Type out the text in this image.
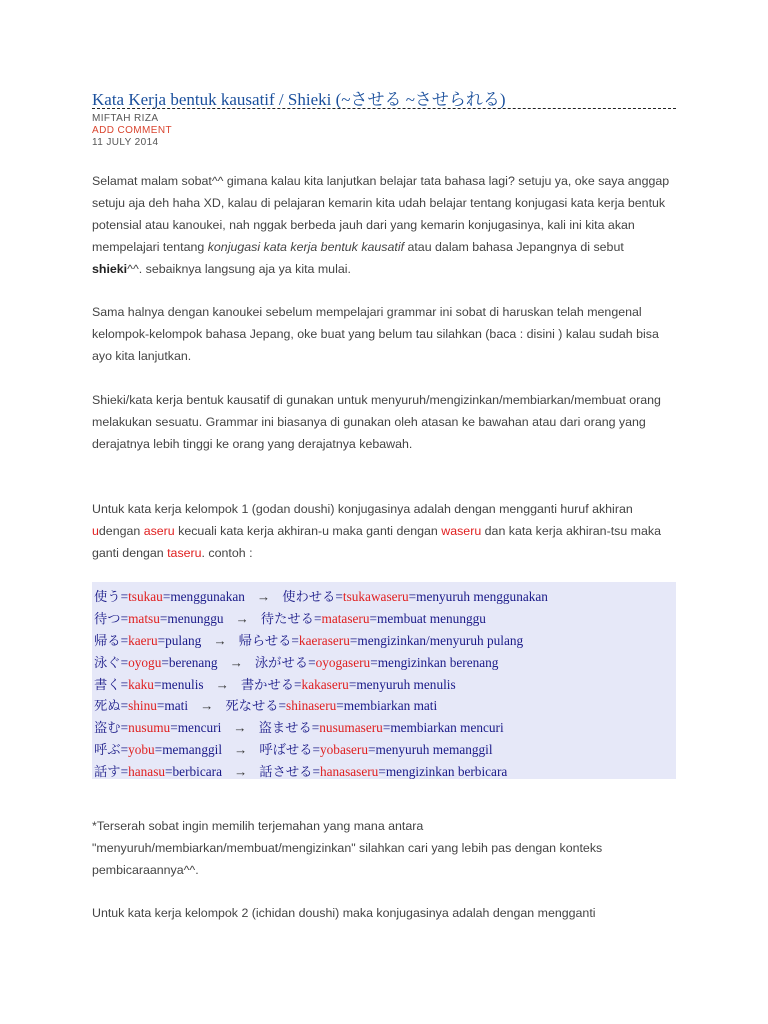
Kata Kerja bentuk kausatif / Shieki (~させる ~させられる)
MIFTAH RIZA
ADD COMMENT
11 JULY 2014

Selamat malam sobat^^ gimana kalau kita lanjutkan belajar tata bahasa lagi? setuju ya, oke saya anggap setuju aja deh haha XD, kalau di pelajaran kemarin kita udah belajar tentang konjugasi kata kerja bentuk potensial atau kanoukei, nah nggak berbeda jauh dari yang kemarin konjugasinya, kali ini kita akan mempelajari tentang konjugasi kata kerja bentuk kausatif atau dalam bahasa Jepangnya di sebut shieki^^. sebaiknya langsung aja ya kita mulai.

Sama halnya dengan kanoukei sebelum mempelajari grammar ini sobat di haruskan telah mengenal kelompok-kelompok bahasa Jepang, oke buat yang belum tau silahkan (baca : disini ) kalau sudah bisa ayo kita lanjutkan.

Shieki/kata kerja bentuk kausatif di gunakan untuk menyuruh/mengizinkan/membiarkan/membuat orang melakukan sesuatu. Grammar ini biasanya di gunakan oleh atasan ke bawahan atau dari orang yang derajatnya lebih tinggi ke orang yang derajatnya kebawah.

Untuk kata kerja kelompok 1 (godan doushi) konjugasinya adalah dengan mengganti huruf akhiran udengan aseru kecuali kata kerja akhiran-u maka ganti dengan waseru dan kata kerja akhiran-tsu maka ganti dengan taseru. contoh :

使う=tsukau=menggunakan → 使わせる=tsukawaseru=menyuruh menggunakan
待つ=matsu=menunggu → 待たせる=mataseru=membuat menunggu
帰る=kaeru=pulang → 帰らせる=kaeraseru=mengizinkan/menyuruh pulang
泳ぐ=oyogu=berenang → 泳がせる=oyogaseru=mengizinkan berenang
書く=kaku=menulis → 書かせる=kakaseru=menyuruh menulis
死ぬ=shinu=mati → 死なせる=shinaseru=membiarkan mati
盗む=nusumu=mencuri → 盗ませる=nusumaseru=membiarkan mencuri
呼ぶ=yobu=memanggil → 呼ばせる=yobaseru=menyuruh memanggil
話す=hanasu=berbicara → 話させる=hanasaseru=mengizinkan berbicara

*Terserah sobat ingin memilih terjemahan yang mana antara "menyuruh/membiarkan/membuat/mengizinkan" silahkan cari yang lebih pas dengan konteks pembicaraannya^^.

Untuk kata kerja kelompok 2 (ichidan doushi) maka konjugasinya adalah dengan mengganti
